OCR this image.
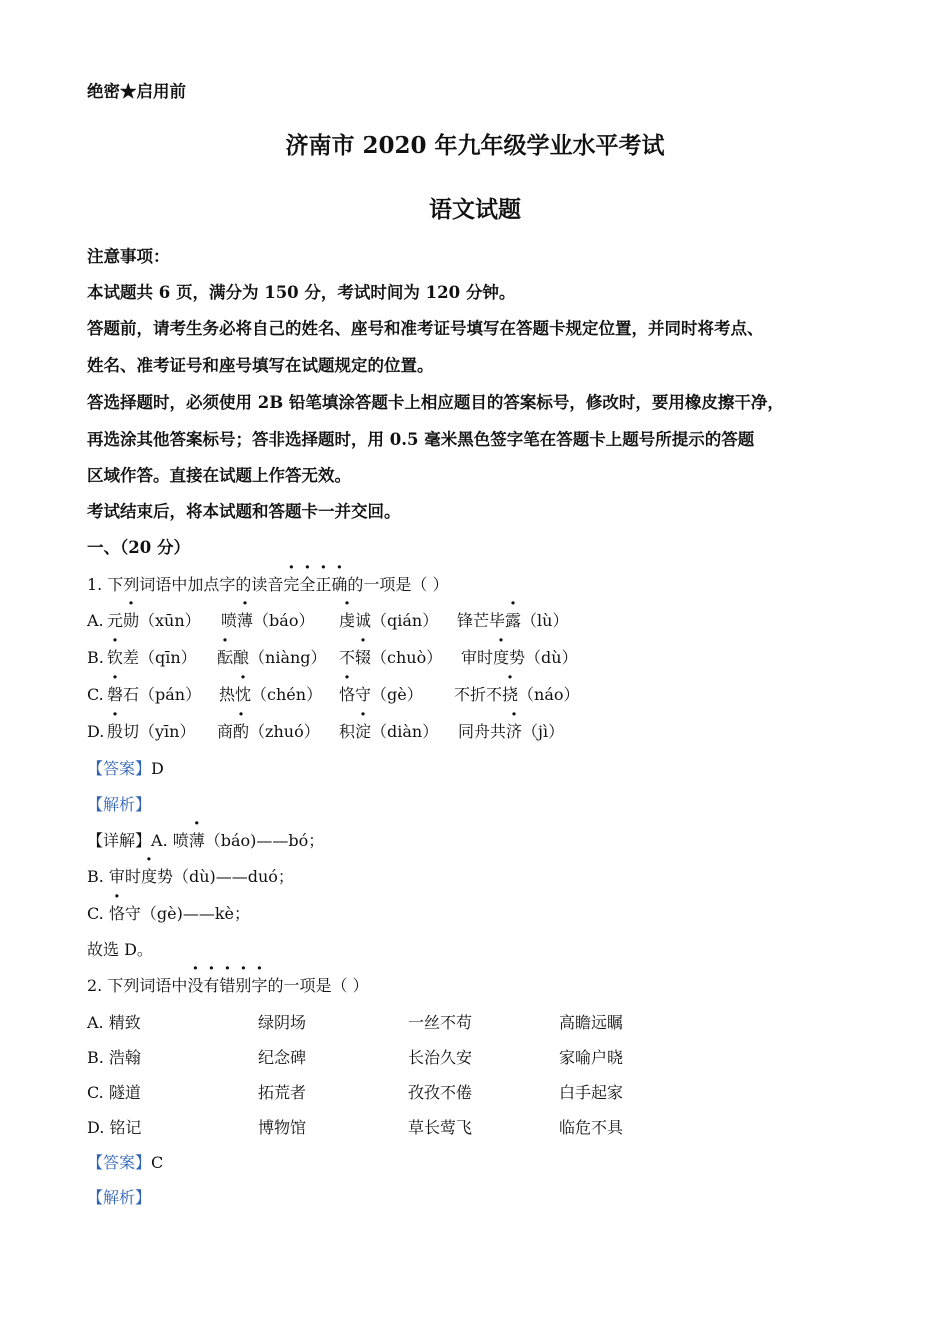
绝密★启用前
济南市 2020 年九年级学业水平考试
语文试题
注意事项：
本试题共 6 页，满分为 150 分，考试时间为 120 分钟。
答题前，请考生务必将自己的姓名、座号和准考证号填写在答题卡规定位置，并同时将考点、
姓名、准考证号和座号填写在试题规定的位置。
答选择题时，必须使用 2B 铅笔填涂答题卡上相应题目的答案标号，修改时，要用橡皮擦干净，
再选涂其他答案标号；答非选择题时，用 0.5 毫米黑色签字笔在答题卡上题号所提示的答题
区域作答。直接在试题上作答无效。
考试结束后，将本试题和答题卡一并交回。
一、（20 分）
1. 下列词语中加点字的读音完全正确的一项是（ ）
A. 元勋（xūn） 喷薄（báo） 虔诚（qián） 锋芒毕露（lù）
B. 钦差（qīn） 酝酿（niàng） 不辍（chuò） 审时度势（dù）
C. 磐石（pán） 热忱（chén） 恪守（gè） 不折不挠（náo）
D. 殷切（yīn） 商酌（zhuó） 积淀（diàn） 同舟共济（jì）
【答案】D
【解析】
【详解】A. 喷薄（báo)——bó；
B. 审时度势（dù)——duó；
C. 恪守（gè)——kè；
故选 D。
2. 下列词语中没有错别字的一项是（ ）
A. 精致	绿阴场	一丝不苟	高瞻远瞩
B. 浩翰	纪念碑	长治久安	家喻户晓
C. 隧道	拓荒者	孜孜不倦	白手起家
D. 铭记	博物馆	草长莺飞	临危不具
【答案】C
【解析】
